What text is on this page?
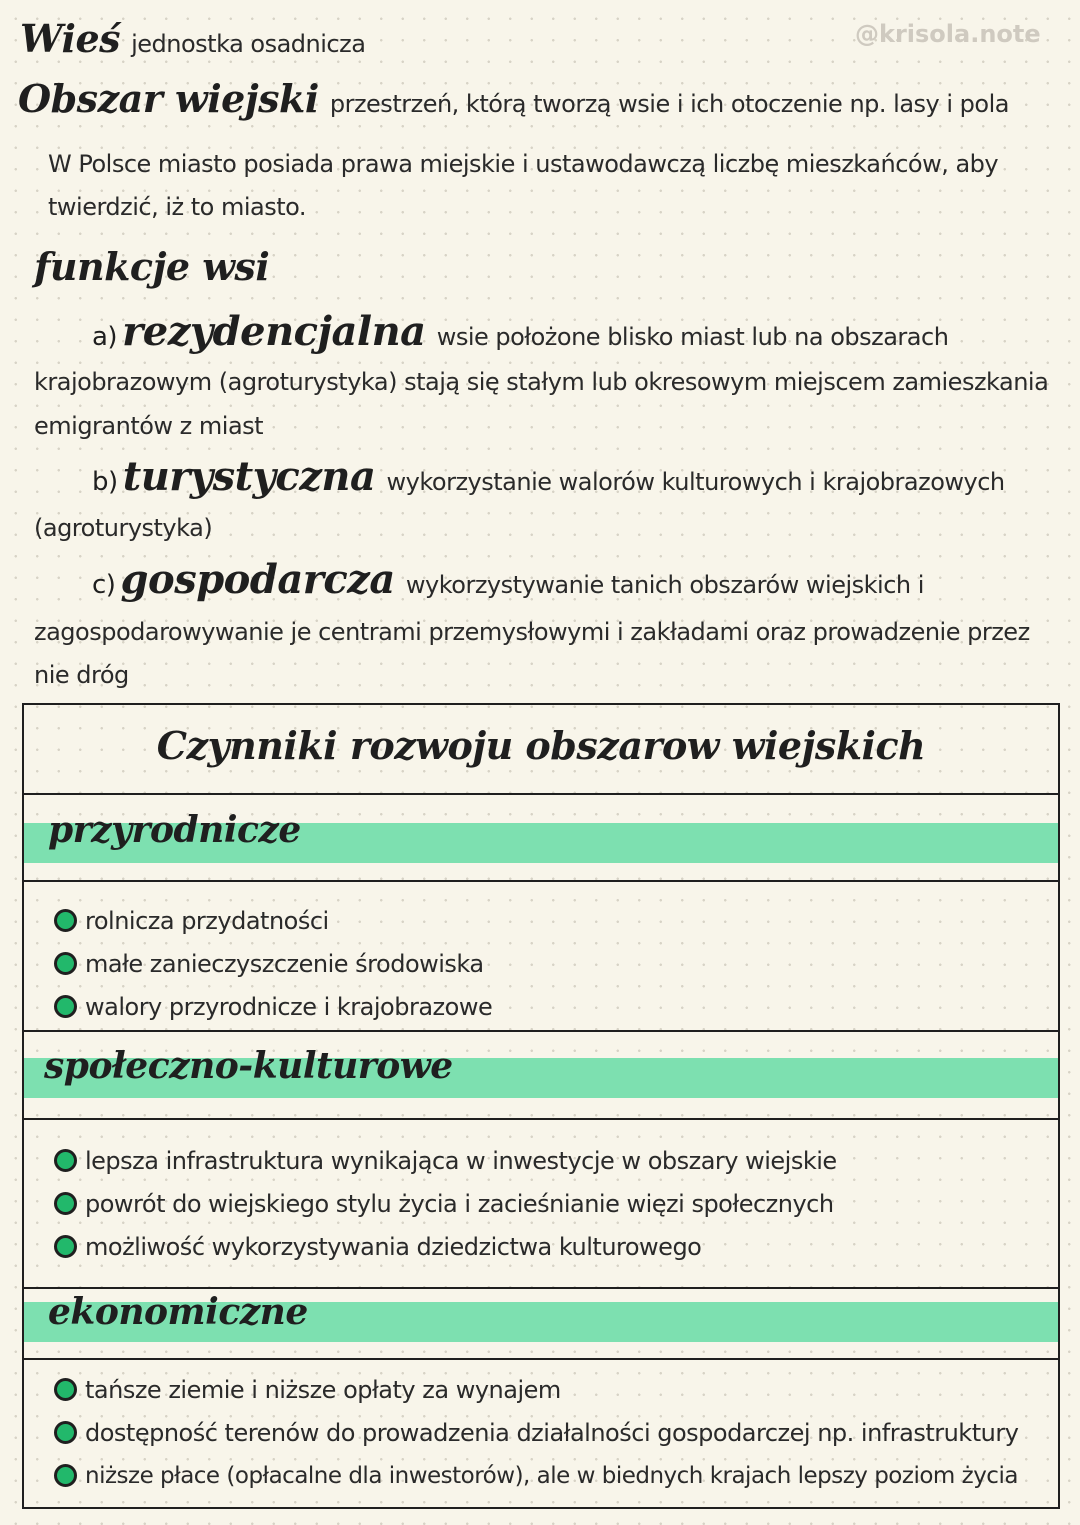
@krisola.note
Wieś jednostka osadnicza
Obszar wiejski przestrzeń, którą tworzą wsie i ich otoczenie np. lasy i pola
W Polsce miasto posiada prawa miejskie i ustawodawczą liczbę mieszkańców, aby
twierdzić, iż to miasto.
funkcje wsi
a) rezydencjalna wsie położone blisko miast lub na obszarach
krajobrazowym (agroturystyka) stają się stałym lub okresowym miejscem zamieszkania
emigrantów z miast
b) turystyczna wykorzystanie walorów kulturowych i krajobrazowych
(agroturystyka)
c) gospodarcza wykorzystywanie tanich obszarów wiejskich i
zagospodarowywanie je centrami przemysłowymi i zakładami oraz prowadzenie przez
nie dróg
Czynniki rozwoju obszarow wiejskich
przyrodnicze
rolnicza przydatności
małe zanieczyszczenie środowiska
walory przyrodnicze i krajobrazowe
społeczno-kulturowe
lepsza infrastruktura wynikająca w inwestycje w obszary wiejskie
powrót do wiejskiego stylu życia i zacieśnianie więzi społecznych
możliwość wykorzystywania dziedzictwa kulturowego
ekonomiczne
tańsze ziemie i niższe opłaty za wynajem
dostępność terenów do prowadzenia działalności gospodarczej np. infrastruktury
niższe płace (opłacalne dla inwestorów), ale w biednych krajach lepszy poziom życia
